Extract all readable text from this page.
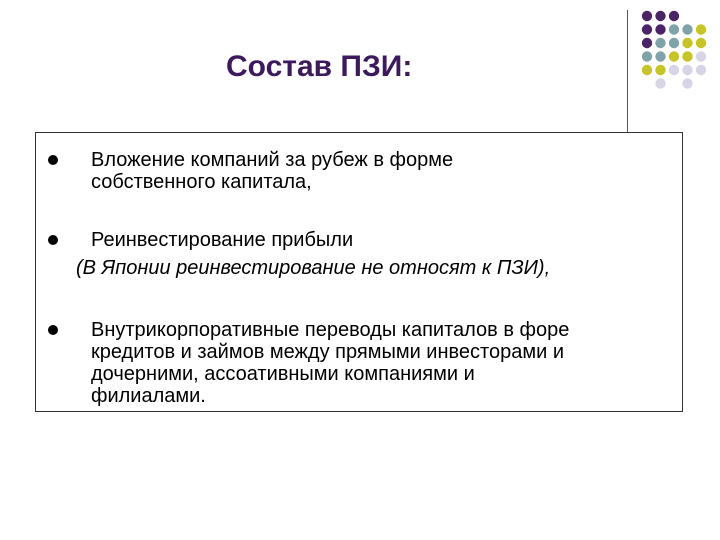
Состав ПЗИ:
Вложение компаний за рубеж в форме
собственного капитала,
Реинвестирование прибыли
(В Японии реинвестирование не относят к ПЗИ),
Внутрикорпоративные переводы капиталов в форе
кредитов и займов между прямыми инвесторами и
дочерними, ассоативными компаниями и
филиалами.
